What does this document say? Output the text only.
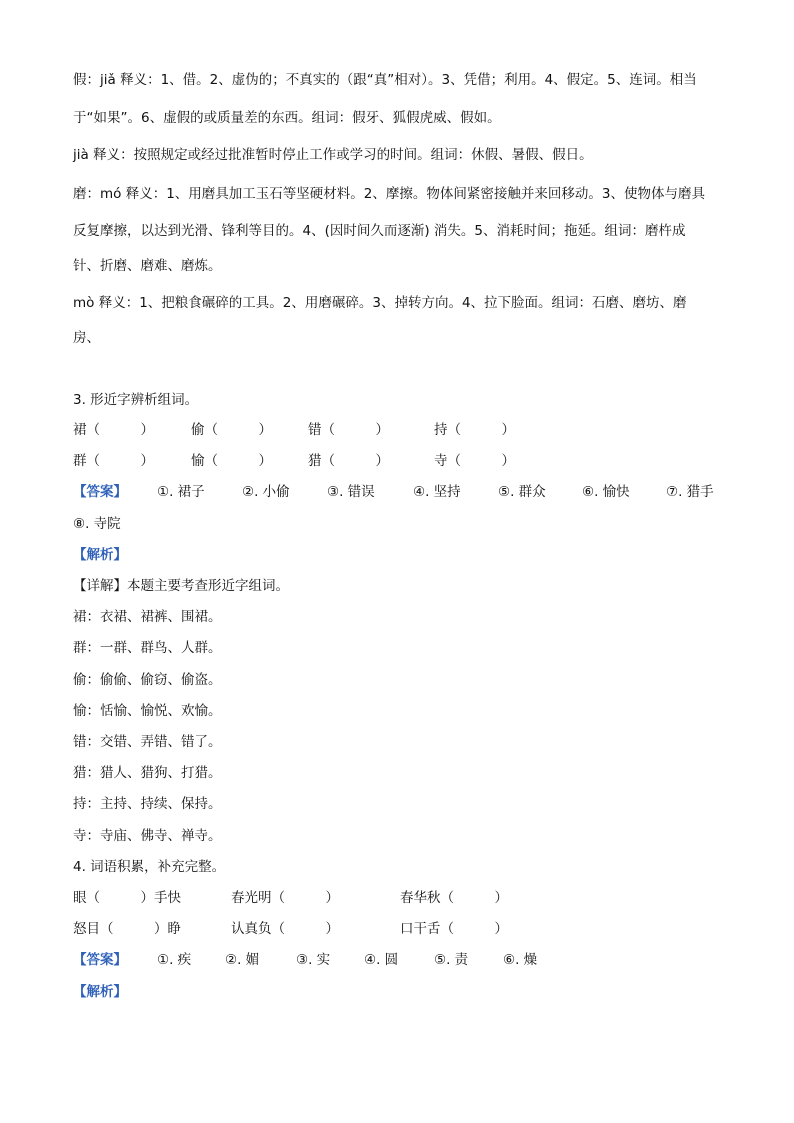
假：jiǎ 释义：1、借。2、虚伪的；不真实的（跟“真”相对）。3、凭借；利用。4、假定。5、连词。相当
于“如果”。6、虚假的或质量差的东西。组词：假牙、狐假虎威、假如。
jià 释义：按照规定或经过批准暂时停止工作或学习的时间。组词：休假、暑假、假日。
磨：mó 释义：1、用磨具加工玉石等坚硬材料。2、摩擦。物体间紧密接触并来回移动。3、使物体与磨具
反复摩擦，以达到光滑、锋利等目的。4、(因时间久而逐渐) 消失。5、消耗时间；拖延。组词：磨杵成
针、折磨、磨难、磨炼。
mò 释义：1、把粮食碾碎的工具。2、用磨碾碎。3、掉转方向。4、拉下脸面。组词：石磨、磨坊、磨
房、
3. 形近字辨析组词。
裙（　　　）	偷（　　　）	错（　　　）	持（　　　）
群（　　　）	愉（　　　）	猎（　　　）	寺（　　　）
【答案】 ①. 裙子	②. 小偷	③. 错误	④. 坚持	⑤. 群众	⑥. 愉快	⑦. 猎手
⑧. 寺院
【解析】
【详解】本题主要考查形近字组词。
裙：衣裙、裙裤、围裙。
群：一群、群鸟、人群。
偷：偷偷、偷窃、偷盗。
愉：恬愉、愉悦、欢愉。
错：交错、弄错、错了。
猎：猎人、猎狗、打猎。
持：主持、持续、保持。
寺：寺庙、佛寺、禅寺。
4. 词语积累，补充完整。
眼（　　　）手快	春光明（　　　）	春华秋（　　　）
怒目（　　　）睁	认真负（　　　）	口干舌（　　　）
【答案】 ①. 疾	②. 媚	③. 实	④. 圆	⑤. 责	⑥. 燥
【解析】
